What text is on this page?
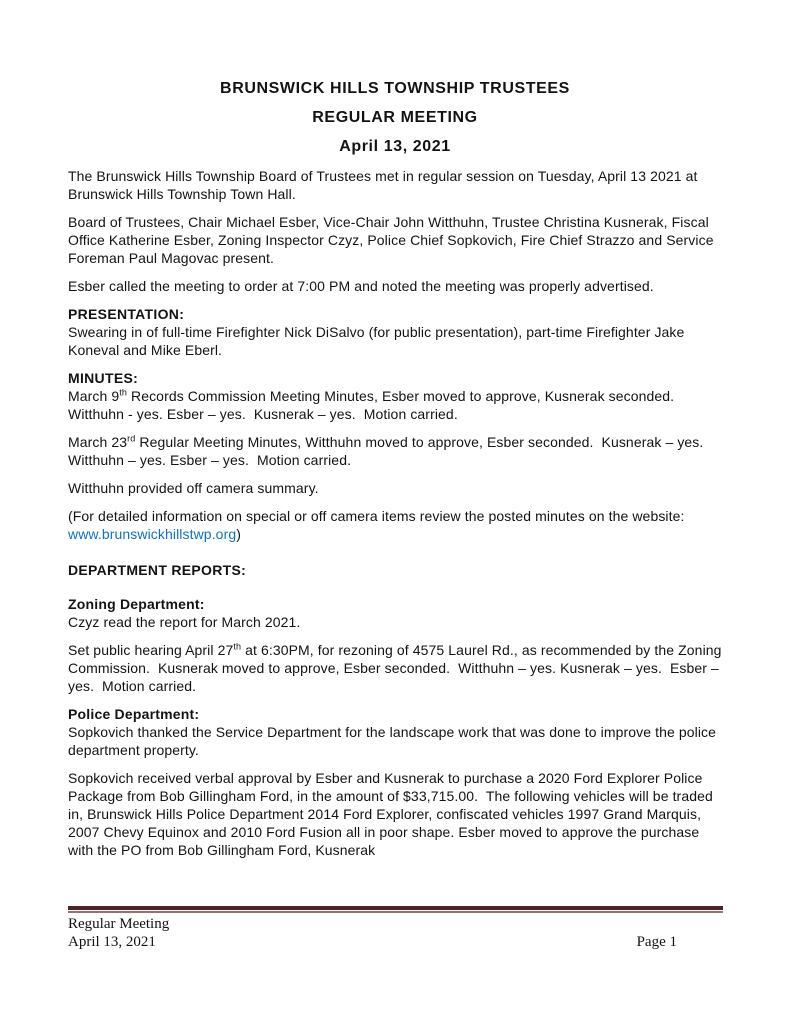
BRUNSWICK HILLS TOWNSHIP TRUSTEES
REGULAR MEETING
April 13, 2021
The Brunswick Hills Township Board of Trustees met in regular session on Tuesday, April 13 2021 at Brunswick Hills Township Town Hall.
Board of Trustees, Chair Michael Esber, Vice-Chair John Witthuhn, Trustee Christina Kusnerak, Fiscal Office Katherine Esber, Zoning Inspector Czyz, Police Chief Sopkovich, Fire Chief Strazzo and Service Foreman Paul Magovac present.
Esber called the meeting to order at 7:00 PM and noted the meeting was properly advertised.
PRESENTATION:
Swearing in of full-time Firefighter Nick DiSalvo (for public presentation), part-time Firefighter Jake Koneval and Mike Eberl.
MINUTES:
March 9th Records Commission Meeting Minutes, Esber moved to approve, Kusnerak seconded. Witthuhn - yes. Esber – yes.  Kusnerak – yes.  Motion carried.
March 23rd Regular Meeting Minutes, Witthuhn moved to approve, Esber seconded.  Kusnerak – yes. Witthuhn – yes. Esber – yes.  Motion carried.
Witthuhn provided off camera summary.
(For detailed information on special or off camera items review the posted minutes on the website: www.brunswickhillstwp.org)
DEPARTMENT REPORTS:
Zoning Department:
Czyz read the report for March 2021.
Set public hearing April 27th at 6:30PM, for rezoning of 4575 Laurel Rd., as recommended by the Zoning Commission.  Kusnerak moved to approve, Esber seconded.  Witthuhn – yes. Kusnerak – yes.  Esber – yes.  Motion carried.
Police Department:
Sopkovich thanked the Service Department for the landscape work that was done to improve the police department property.
Sopkovich received verbal approval by Esber and Kusnerak to purchase a 2020 Ford Explorer Police Package from Bob Gillingham Ford, in the amount of $33,715.00.  The following vehicles will be traded in, Brunswick Hills Police Department 2014 Ford Explorer, confiscated vehicles 1997 Grand Marquis, 2007 Chevy Equinox and 2010 Ford Fusion all in poor shape. Esber moved to approve the purchase with the PO from Bob Gillingham Ford, Kusnerak
Regular Meeting
April 13, 2021	Page 1
